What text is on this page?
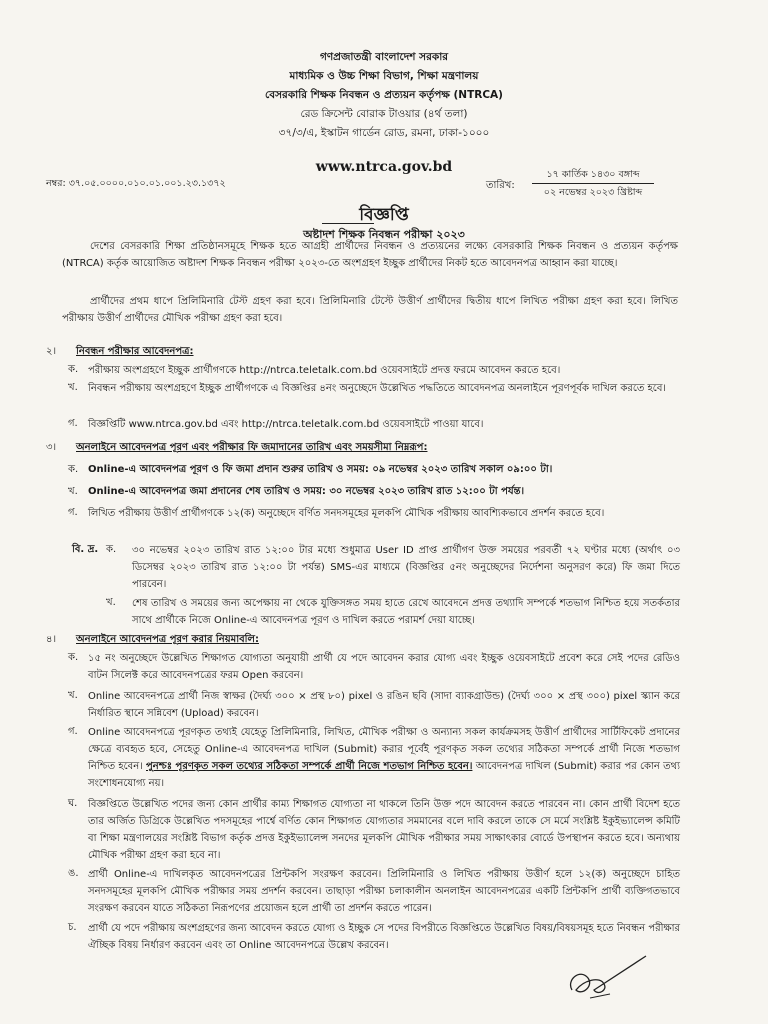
গণপ্রজাতন্ত্রী বাংলাদেশ সরকার

মাধ্যমিক ও উচ্চ শিক্ষা বিভাগ, শিক্ষা মন্ত্রণালয়

বেসরকারি শিক্ষক নিবন্ধন ও প্রত্যয়ন কর্তৃপক্ষ (NTRCA)

রেড ক্রিসেন্ট বোরাক টাওয়ার (৪র্থ তলা)

৩৭/৩/এ, ইস্কাটন গার্ডেন রোড, রমনা, ঢাকা-১০০০

www.ntrca.gov.bd

নম্বর: ৩৭.০৫.০০০০.০১০.০১.০০১.২৩.১৩৭২	তারিখ:
১৭ কার্তিক ১৪৩০ বঙ্গাব্দ
০২ নভেম্বর ২০২৩ খ্রিষ্টাব্দ
বিজ্ঞপ্তি
অষ্টাদশ শিক্ষক নিবন্ধন পরীক্ষা ২০২৩
দেশের বেসরকারি শিক্ষা প্রতিষ্ঠানসমূহে শিক্ষক হতে আগ্রহী প্রার্থীদের নিবন্ধন ও প্রত্যয়নের লক্ষ্যে বেসরকারি শিক্ষক নিবন্ধন ও প্রত্যয়ন কর্তৃপক্ষ (NTRCA) কর্তৃক আয়োজিত অষ্টাদশ শিক্ষক নিবন্ধন পরীক্ষা ২০২৩-তে অংশগ্রহণ ইচ্ছুক প্রার্থীদের নিকট হতে আবেদনপত্র আহ্বান করা যাচ্ছে।
প্রার্থীদের প্রথম ধাপে প্রিলিমিনারি টেস্ট গ্রহণ করা হবে। প্রিলিমিনারি টেস্টে উত্তীর্ণ প্রার্থীদের দ্বিতীয় ধাপে লিখিত পরীক্ষা গ্রহণ করা হবে। লিখিত পরীক্ষায় উত্তীর্ণ প্রার্থীদের মৌখিক পরীক্ষা গ্রহণ করা হবে।
২। নিবন্ধন পরীক্ষার আবেদনপত্র:
ক. পরীক্ষায় অংশগ্রহণে ইচ্ছুক প্রার্থীগণকে http://ntrca.teletalk.com.bd ওয়েবসাইটে প্রদত্ত ফরমে আবেদন করতে হবে।
খ. নিবন্ধন পরীক্ষায় অংশগ্রহণে ইচ্ছুক প্রার্থীগণকে এ বিজ্ঞপ্তির ৪নং অনুচ্ছেদে উল্লেখিত পদ্ধতিতে আবেদনপত্র অনলাইনে পূরণপূর্বক দাখিল করতে হবে।
গ. বিজ্ঞপ্তিটি www.ntrca.gov.bd এবং http://ntrca.teletalk.com.bd ওয়েবসাইটে পাওয়া যাবে।
৩। অনলাইনে আবেদনপত্র পূরণ এবং পরীক্ষার ফি জমাদানের তারিখ এবং সময়সীমা নিম্নরূপ:
ক. Online-এ আবেদনপত্র পূরণ ও ফি জমা প্রদান শুরুর তারিখ ও সময়: ০৯ নভেম্বর ২০২৩ তারিখ সকাল ০৯:০০ টা।
খ. Online-এ আবেদনপত্র জমা প্রদানের শেষ তারিখ ও সময়: ৩০ নভেম্বর ২০২৩ তারিখ রাত ১২:০০ টা পর্যন্ত।
গ. লিখিত পরীক্ষায় উত্তীর্ণ প্রার্থীগণকে ১২(ক) অনুচ্ছেদে বর্ণিত সনদসমূহের মূলকপি মৌখিক পরীক্ষায় আবশ্যিকভাবে প্রদর্শন করতে হবে।
বি. দ্র. ক. ৩০ নভেম্বর ২০২৩ তারিখ রাত ১২:০০ টার মধ্যে শুধুমাত্র User ID প্রাপ্ত প্রার্থীগণ উক্ত সময়ের পরবর্তী ৭২ ঘণ্টার মধ্যে (অর্থাৎ ০৩ ডিসেম্বর ২০২৩ তারিখ রাত ১২:০০ টা পর্যন্ত) SMS-এর মাধ্যমে (বিজ্ঞপ্তির ৫নং অনুচ্ছেদের নির্দেশনা অনুসরণ করে) ফি জমা দিতে পারবেন।
খ. শেষ তারিখ ও সময়ের জন্য অপেক্ষায় না থেকে যুক্তিসঙ্গত সময় হাতে রেখে আবেদনে প্রদত্ত তথ্যাদি সম্পর্কে শতভাগ নিশ্চিত হয়ে সতর্কতার সাথে প্রার্থীকে নিজে Online-এ আবেদনপত্র পূরণ ও দাখিল করতে পরামর্শ দেয়া যাচ্ছে।
৪। অনলাইনে আবেদনপত্র পূরণ করার নিয়মাবলি:
ক. ১৫ নং অনুচ্ছেদে উল্লেখিত শিক্ষাগত যোগ্যতা অনুযায়ী প্রার্থী যে পদে আবেদন করার যোগ্য এবং ইচ্ছুক ওয়েবসাইটে প্রবেশ করে সেই পদের রেডিও বাটন সিলেক্ট করে আবেদনপত্রের ফরম Open করবেন।
খ. Online আবেদনপত্রে প্রার্থী নিজ স্বাক্ষর (দৈর্ঘ্য ৩০০ × প্রস্থ ৮০) pixel ও রঙিন ছবি (সাদা ব্যাকগ্রাউন্ড) (দৈর্ঘ্য ৩০০ × প্রস্থ ৩০০) pixel স্ক্যান করে নির্ধারিত স্থানে সন্নিবেশ (Upload) করবেন।
গ. Online আবেদনপত্রে পূরণকৃত তথ্যই যেহেতু প্রিলিমিনারি, লিখিত, মৌখিক পরীক্ষা ও অন্যান্য সকল কার্যক্রমসহ উত্তীর্ণ প্রার্থীদের সার্টিফিকেট প্রদানের ক্ষেত্রে ব্যবহৃত হবে, সেহেতু Online-এ আবেদনপত্র দাখিল (Submit) করার পূর্বেই পূরণকৃত সকল তথ্যের সঠিকতা সম্পর্কে প্রার্থী নিজে শতভাগ নিশ্চিত হবেন। পুনশ্চঃ পূরণকৃত সকল তথ্যের সঠিকতা সম্পর্কে প্রার্থী নিজে শতভাগ নিশ্চিত হবেন। আবেদনপত্র দাখিল (Submit) করার পর কোন তথ্য সংশোধনযোগ্য নয়।
ঘ. বিজ্ঞপ্তিতে উল্লেখিত পদের জন্য কোন প্রার্থীর কাম্য শিক্ষাগত যোগ্যতা না থাকলে তিনি উক্ত পদে আবেদন করতে পারবেন না। কোন প্রার্থী বিদেশ হতে তার অর্জিত ডিগ্রিকে উল্লেখিত পদসমূহের পার্শ্বে বর্ণিত কোন শিক্ষাগত যোগ্যতার সমমানের বলে দাবি করলে তাকে সে মর্মে সংশ্লিষ্ট ইকুইভ্যালেন্স কমিটি বা শিক্ষা মন্ত্রণালয়ের সংশ্লিষ্ট বিভাগ কর্তৃক প্রদত্ত ইকুইভ্যালেন্স সনদের মূলকপি মৌখিক পরীক্ষার সময় সাক্ষাৎকার বোর্ডে উপস্থাপন করতে হবে। অন্যথায় মৌখিক পরীক্ষা গ্রহণ করা হবে না।
ঙ. প্রার্থী Online-এ দাখিলকৃত আবেদনপত্রের প্রিন্টকপি সংরক্ষণ করবেন। প্রিলিমিনারি ও লিখিত পরীক্ষায় উত্তীর্ণ হলে ১২(ক) অনুচ্ছেদে চাহিত সনদসমূহের মূলকপি মৌখিক পরীক্ষার সময় প্রদর্শন করবেন। তাছাড়া পরীক্ষা চলাকালীন অনলাইন আবেদনপত্রের একটি প্রিন্টকপি প্রার্থী ব্যক্তিগতভাবে সংরক্ষণ করবেন যাতে সঠিকতা নিরূপণের প্রয়োজন হলে প্রার্থী তা প্রদর্শন করতে পারেন।
চ. প্রার্থী যে পদে পরীক্ষায় অংশগ্রহণের জন্য আবেদন করতে যোগ্য ও ইচ্ছুক সে পদের বিপরীতে বিজ্ঞপ্তিতে উল্লেখিত বিষয়/বিষয়সমূহ হতে নিবন্ধন পরীক্ষার ঐচ্ছিক বিষয় নির্ধারণ করবেন এবং তা Online আবেদনপত্রে উল্লেখ করবেন।
